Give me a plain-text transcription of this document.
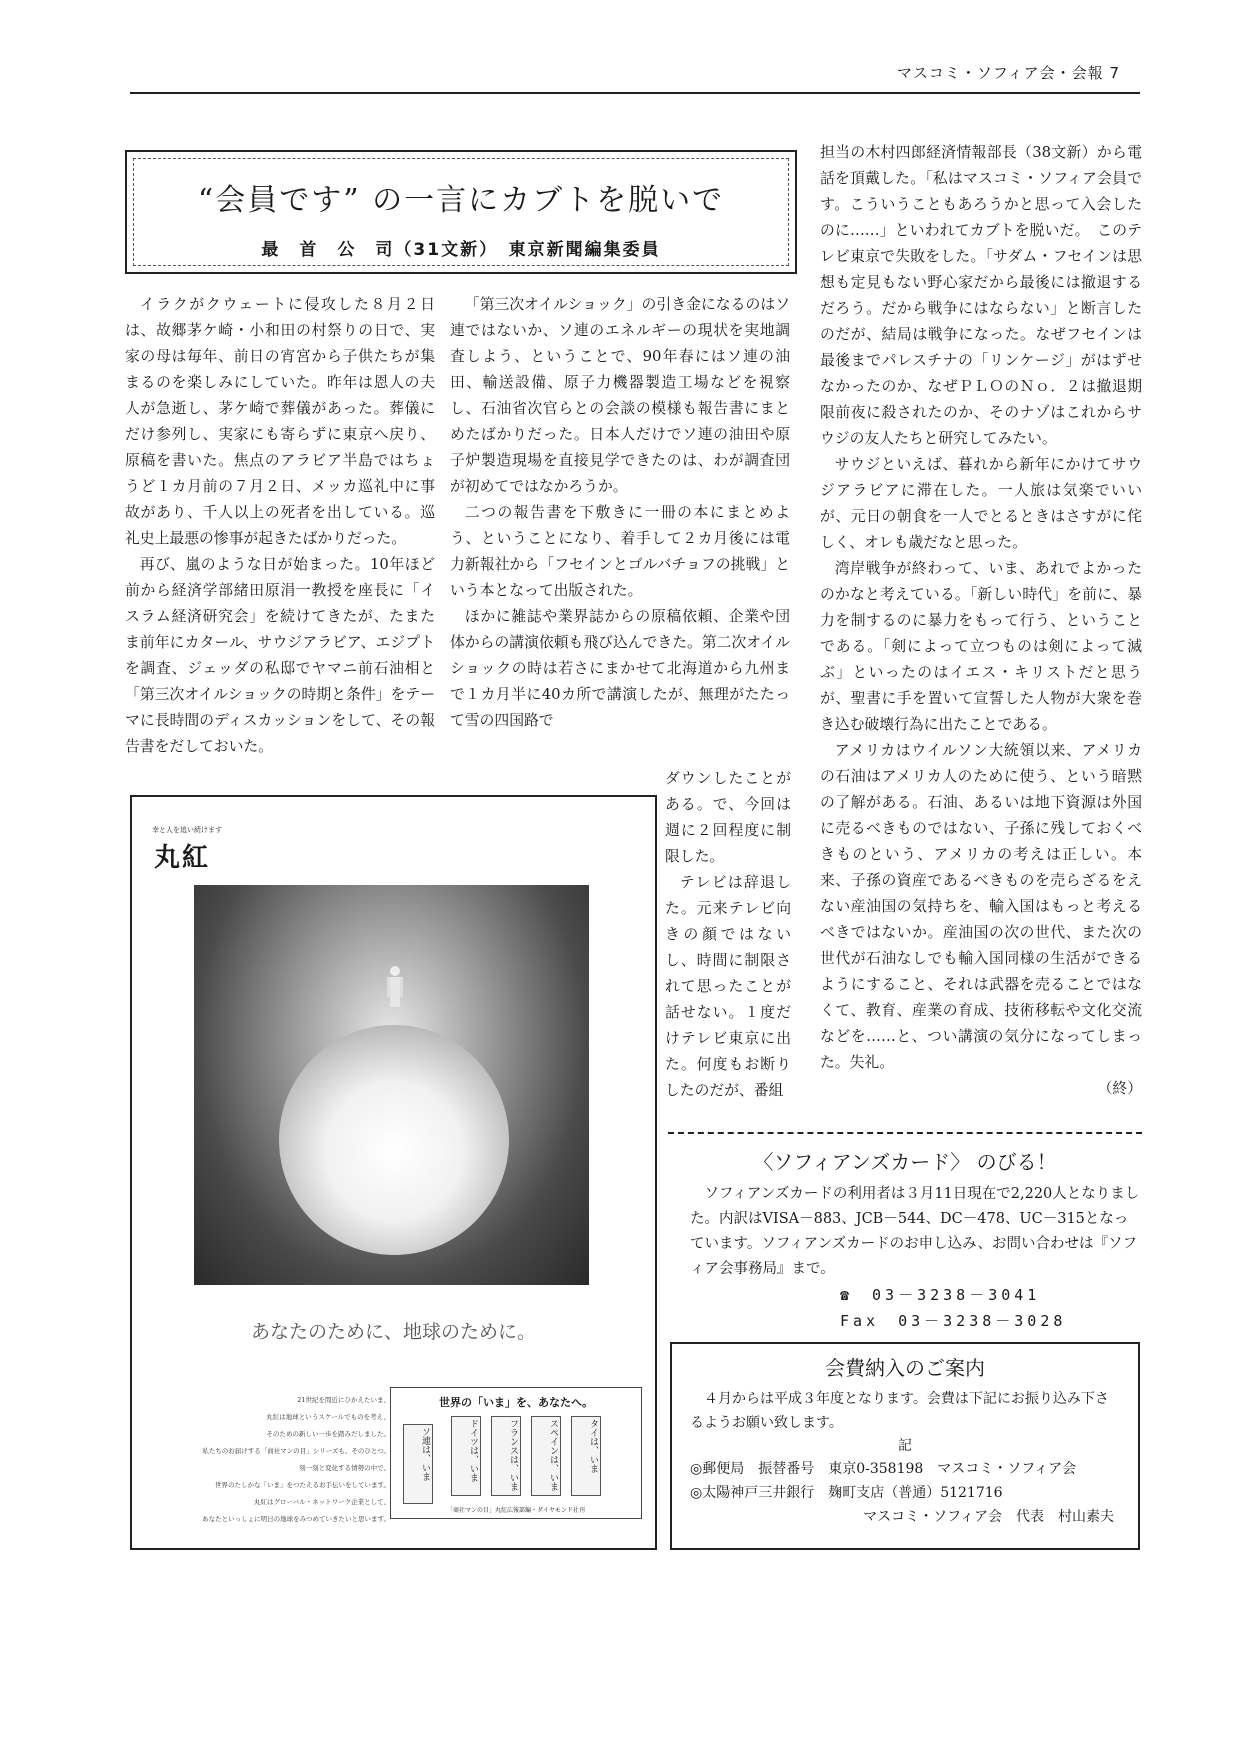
マスコミ・ソフィア会・会報 7
“会員です” の一言にカブトを脱いで
最　首　公　司（31文新）　東京新聞編集委員

イラクがクウェートに侵攻した８月２日は、故郷茅ケ崎・小和田の村祭りの日で、実家の母は毎年、前日の宵宮から子供たちが集まるのを楽しみにしていた。昨年は恩人の夫人が急逝し、茅ケ崎で葬儀があった。葬儀にだけ参列し、実家にも寄らずに東京へ戻り、原稿を書いた。焦点のアラビア半島ではちょうど１カ月前の７月２日、メッカ巡礼中に事故があり、千人以上の死者を出している。巡礼史上最悪の惨事が起きたばかりだった。

再び、嵐のような日が始まった。10年ほど前から経済学部緒田原涓一教授を座長に「イスラム経済研究会」を続けてきたが、たまたま前年にカタール、サウジアラビア、エジプトを調査、ジェッダの私邸でヤマニ前石油相と「第三次オイルショックの時期と条件」をテーマに長時間のディスカッションをして、その報告書をだしておいた。

「第三次オイルショック」の引き金になるのはソ連ではないか、ソ連のエネルギーの現状を実地調査しよう、ということで、90年春にはソ連の油田、輸送設備、原子力機器製造工場などを視察し、石油省次官らとの会談の模様も報告書にまとめたばかりだった。日本人だけでソ連の油田や原子炉製造現場を直接見学できたのは、わが調査団が初めてではなかろうか。

二つの報告書を下敷きに一冊の本にまとめよう、ということになり、着手して２カ月後には電力新報社から「フセインとゴルバチョフの挑戦」という本となって出版された。

ほかに雑誌や業界誌からの原稿依頼、企業や団体からの講演依頼も飛び込んできた。第二次オイルショックの時は若さにまかせて北海道から九州まで１カ月半に40カ所で講演したが、無理がたたって雪の四国路で

ダウンしたことがある。で、今回は週に２回程度に制限した。

テレビは辞退した。元来テレビ向きの顔ではないし、時間に制限されて思ったことが話せない。１度だけテレビ東京に出た。何度もお断りしたのだが、番組

担当の木村四郎経済情報部長（38文新）から電話を頂戴した。「私はマスコミ・ソフィア会員です。こういうこともあろうかと思って入会したのに……」といわれてカブトを脱いだ。　このテレビ東京で失敗をした。「サダム・フセインは思想も定見もない野心家だから最後には撤退するだろう。だから戦争にはならない」と断言したのだが、結局は戦争になった。なぜフセインは最後までパレスチナの「リンケージ」がはずせなかったのか、なぜＰＬＯのＮｏ．２は撤退期限前夜に殺されたのか、そのナゾはこれからサウジの友人たちと研究してみたい。

サウジといえば、暮れから新年にかけてサウジアラビアに滞在した。一人旅は気楽でいいが、元日の朝食を一人でとるときはさすがに侘しく、オレも歳だなと思った。

湾岸戦争が終わって、いま、あれでよかったのかなと考えている。「新しい時代」を前に、暴力を制するのに暴力をもって行う、ということである。「剣によって立つものは剣によって滅ぶ」といったのはイエス・キリストだと思うが、聖書に手を置いて宣誓した人物が大衆を巻き込む破壊行為に出たことである。

アメリカはウイルソン大統領以来、アメリカの石油はアメリカ人のために使う、という暗黙の了解がある。石油、あるいは地下資源は外国に売るべきものではない、子孫に残しておくべきものという、アメリカの考えは正しい。本来、子孫の資産であるべきものを売らざるをえない産油国の気持ちを、輸入国はもっと考えるべきではないか。産油国の次の世代、また次の世代が石油なしでも輸入国同様の生活ができるようにすること、それは武器を売ることではなくて、教育、産業の育成、技術移転や文化交流などを……と、つい講演の気分になってしまった。失礼。

（終）
幸と人を追い続けます
丸紅
あなたのために、地球のために。
21世紀を間近にひかえたいま、
丸紅は地球というスケールでものを考え、
そのための新しい一歩を踏みだしました。
私たちのお届けする「商社マンの目」シリーズも、そのひとつ。
刻一刻と変化する情勢の中で、
世界のたしかな「いま」をつたえるお手伝いをしています。
丸紅はグローバル・ネットワーク企業として、
あなたといっしょに明日の地球をみつめていきたいと思います。
世界の「いま」を、あなたへ。
ソ連は、いま	ドイツは、いま	フランスは、いま	スペインは、いま	タイは、いま
「商社マンの目」丸紅広報部編・ダイヤモンド社刊
〈ソフィアンズカード〉 のびる！

ソフィアンズカードの利用者は３月11日現在で2,220人となりました。内訳はVISA－883、JCB－544、DC－478、UC－315となっています。ソフィアンズカードのお申し込み、お問い合わせは『ソフィア会事務局』まで。

☎　03－3238－3041
Fax　03－3238－3028
会費納入のご案内

４月からは平成３年度となります。会費は下記にお振り込み下さるようお願い致します。

記
◎郵便局　振替番号　東京0-358198　マスコミ・ソフィア会
◎太陽神戸三井銀行　麹町支店（普通）5121716
マスコミ・ソフィア会　代表　村山素夫
